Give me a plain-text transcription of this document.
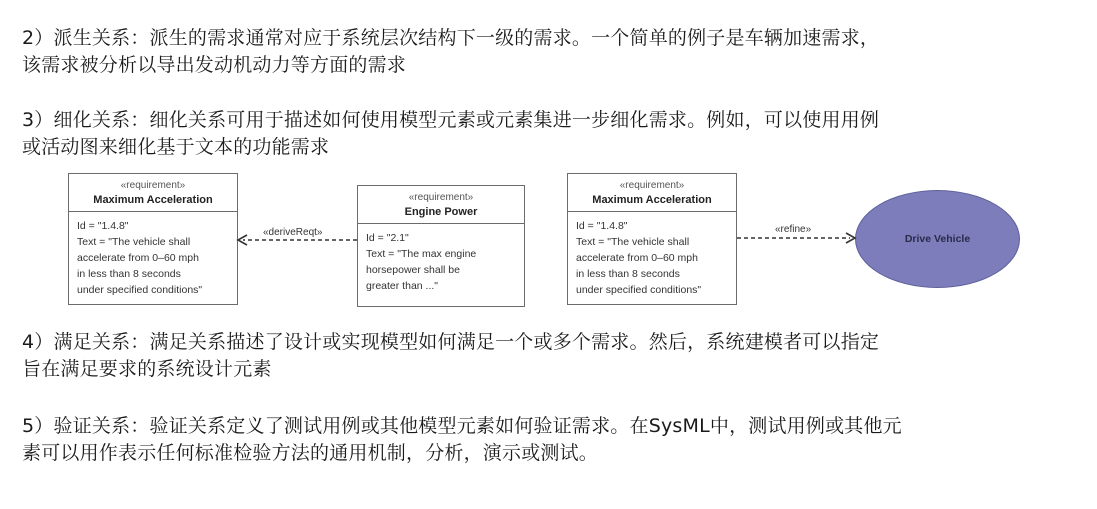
2）派生关系：派生的需求通常对应于系统层次结构下一级的需求。一个简单的例子是车辆加速需求，
该需求被分析以导出发动机动力等方面的需求
3）细化关系：细化关系可用于描述如何使用模型元素或元素集进一步细化需求。例如，可以使用用例
或活动图来细化基于文本的功能需求
«requirement»
Maximum Acceleration
Id = "1.4.8"
Text = "The vehicle shall
accelerate from 0–60 mph
in less than 8 seconds
under specified conditions"
«requirement»
Engine Power
Id = "2.1"
Text = "The max engine
horsepower shall be
greater than ..."
«requirement»
Maximum Acceleration
Id = "1.4.8"
Text = "The vehicle shall
accelerate from 0–60 mph
in less than 8 seconds
under specified conditions"
Drive Vehicle
«deriveReqt»	«refine»
4）满足关系：满足关系描述了设计或实现模型如何满足一个或多个需求。然后，系统建模者可以指定
旨在满足要求的系统设计元素
5）验证关系：验证关系定义了测试用例或其他模型元素如何验证需求。在SysML中，测试用例或其他元
素可以用作表示任何标准检验方法的通用机制，分析，演示或测试。
